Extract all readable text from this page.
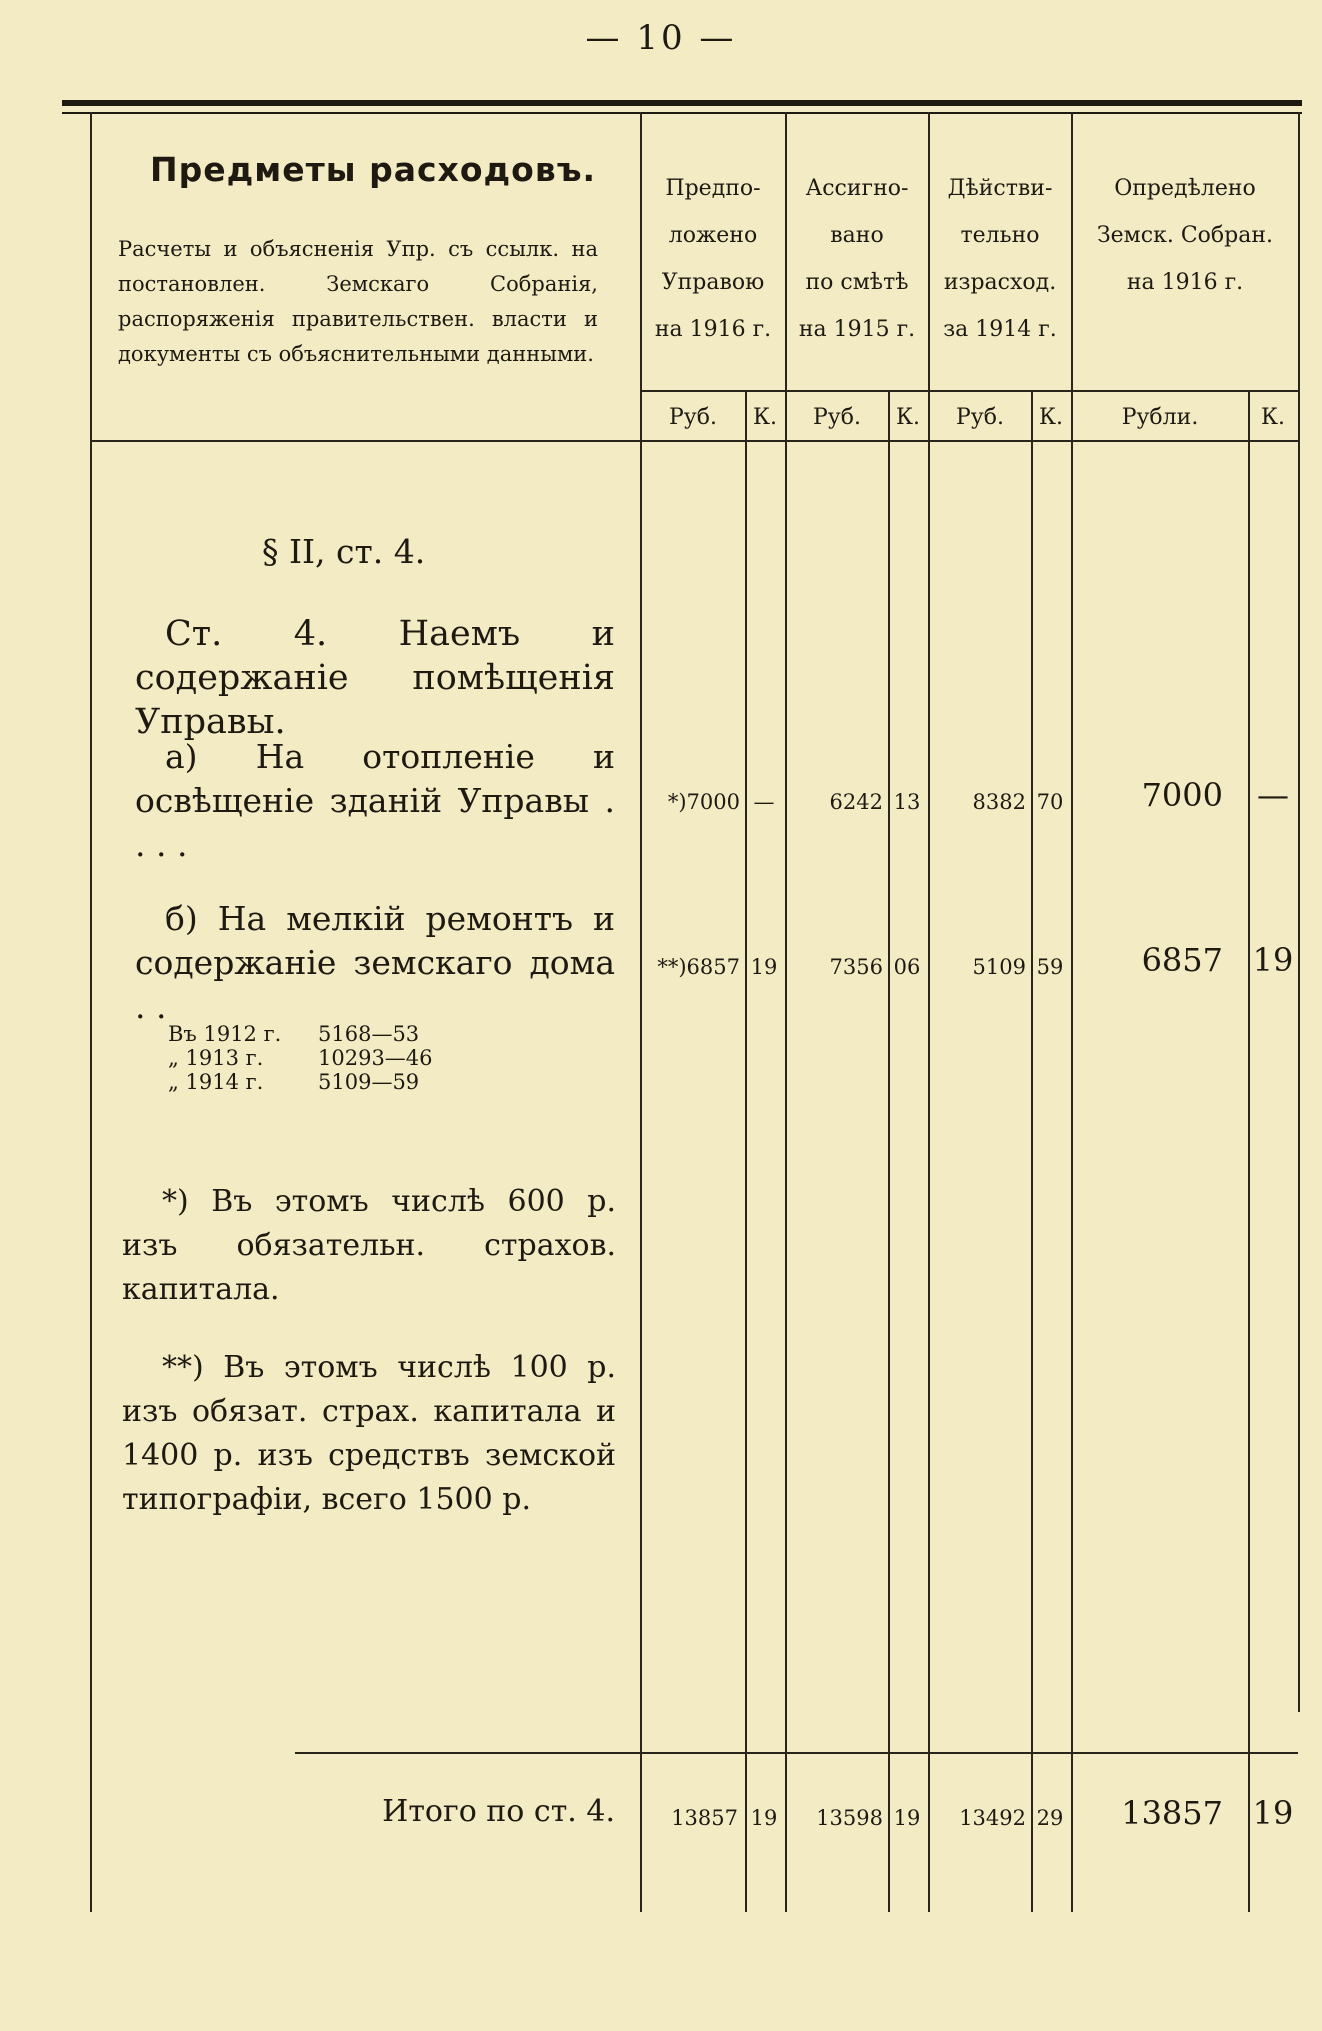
— 10 —
Предметы расходовъ.
Расчеты и объясненія Упр. съ ссылк. на постановлен. Земскаго Собранія, распоряженія правительствен. власти и документы съ объяснительными данными.
Предпо-
ложено
Управою
на 1916 г.
Ассигно-
вано
по смѣтѣ
на 1915 г.
Дѣйстви-
тельно
израсход.
за 1914 г.
Опредѣлено
Земск. Собран.
на 1916 г.
Руб.	К.	Руб.	К.	Руб.	К.	Рубли.	К.
§ II, ст. 4.
Ст. 4. Наемъ и содержаніе помѣщенія Управы.
а) На отопленіе и освѣщеніе зданій Управы . . . .
*)7000 —	6242 13	8382 70	7000 —
б) На мелкій ремонтъ и содержаніе земскаго дома . .
**)6857 19	7356 06	5109 59	6857 19
Въ 1912 г.	5168—53
„ 1913 г.	10293—46
„ 1914 г.	5109—59
*) Въ этомъ числѣ 600 р. изъ обязательн. страхов. капитала.
**) Въ этомъ числѣ 100 р. изъ обязат. страх. капитала и 1400 р. изъ средствъ земской типографіи, всего 1500 р.
Итого по ст. 4.	13857 19	13598 19	13492 29	13857 19
